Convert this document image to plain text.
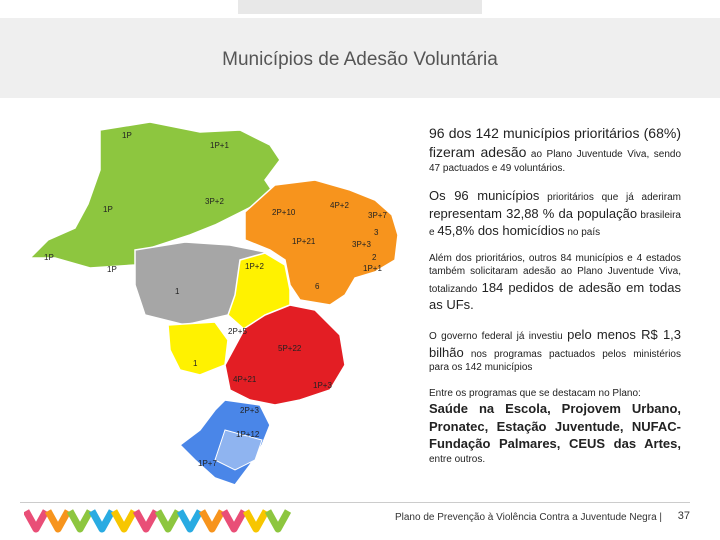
Municípios de Adesão Voluntária
1P
1P+1
1P
1P
1P
3P+2
2P+10
4P+2
3P+7
3
3P+3
2
1P+21
1P+1
1P+2
6
1
2P+5
5P+22
1
4P+21
1P+3
2P+3
1P+12
1P+7

96 dos 142 municípios prioritários (68%) fizeram adesão ao Plano Juventude Viva, sendo 47 pactuados e 49 voluntários.

Os 96 municípios prioritários que já aderiram representam 32,88 % da população brasileira e 45,8% dos homicídios no país

Além dos prioritários, outros 84 municípios e 4 estados também solicitaram adesão ao Plano Juventude Viva, totalizando 184 pedidos de adesão em todas as UFs.

O governo federal já investiu pelo menos R$ 1,3 bilhão nos programas pactuados pelos ministérios para os 142 municípios

Entre os programas que se destacam no Plano:
Saúde na Escola, Projovem Urbano, Pronatec, Estação Juventude, NUFAC-Fundação Palmares, CEUS das Artes, entre outros.

Plano de Prevenção à Violência Contra a Juventude Negra | 37
